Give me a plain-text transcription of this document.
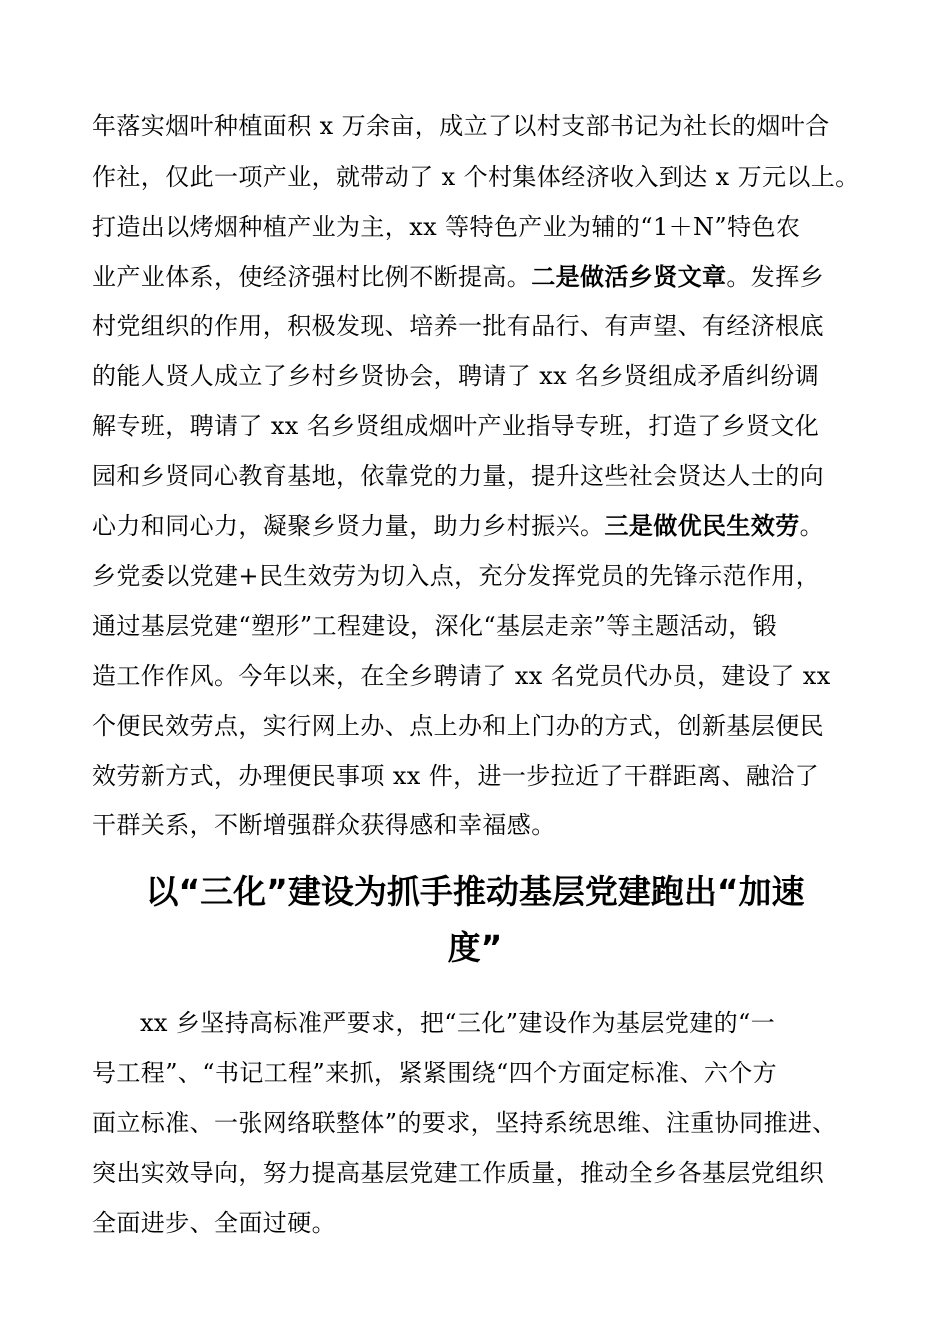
年落实烟叶种植面积 x 万余亩，成立了以村支部书记为社长的烟叶合
作社，仅此一项产业，就带动了 x 个村集体经济收入到达 x 万元以上。
打造出以烤烟种植产业为主，xx 等特色产业为辅的“1＋N”特色农
业产业体系，使经济强村比例不断提高。二是做活乡贤文章。发挥乡
村党组织的作用，积极发现、培养一批有品行、有声望、有经济根底
的能人贤人成立了乡村乡贤协会，聘请了 xx 名乡贤组成矛盾纠纷调
解专班，聘请了 xx 名乡贤组成烟叶产业指导专班，打造了乡贤文化
园和乡贤同心教育基地，依靠党的力量，提升这些社会贤达人士的向
心力和同心力，凝聚乡贤力量，助力乡村振兴。三是做优民生效劳。
乡党委以党建+民生效劳为切入点，充分发挥党员的先锋示范作用，
通过基层党建“塑形”工程建设，深化“基层走亲”等主题活动，锻
造工作作风。今年以来，在全乡聘请了 xx 名党员代办员，建设了 xx
个便民效劳点，实行网上办、点上办和上门办的方式，创新基层便民
效劳新方式，办理便民事项 xx 件，进一步拉近了干群距离、融洽了
干群关系，不断增强群众获得感和幸福感。
以“三化”建设为抓手推动基层党建跑出“加速
度”
xx 乡坚持高标准严要求，把“三化”建设作为基层党建的“一
号工程”、“书记工程”来抓，紧紧围绕“四个方面定标准、六个方
面立标准、一张网络联整体”的要求，坚持系统思维、注重协同推进、
突出实效导向，努力提高基层党建工作质量，推动全乡各基层党组织
全面进步、全面过硬。
